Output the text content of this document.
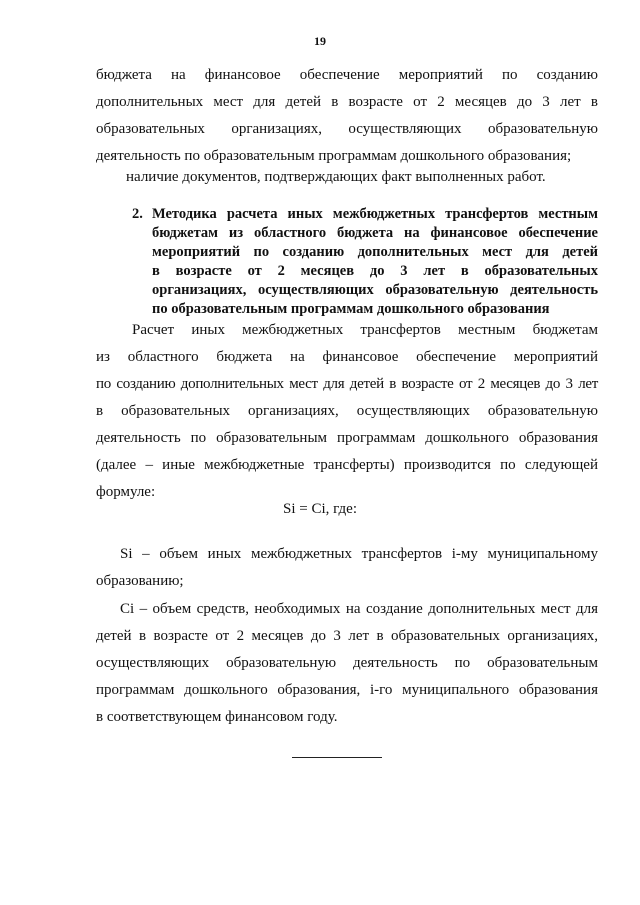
19
бюджета на финансовое обеспечение мероприятий по созданию
дополнительных мест для детей в возрасте от 2 месяцев до 3 лет в
образовательных организациях, осуществляющих образовательную
деятельность по образовательным программам дошкольного образования;
наличие документов, подтверждающих факт выполненных работ.
2. Методика расчета иных межбюджетных трансфертов местным
бюджетам из областного бюджета на финансовое обеспечение
мероприятий по созданию дополнительных мест для детей
в возрасте от 2 месяцев до 3 лет в образовательных
организациях, осуществляющих образовательную деятельность
по образовательным программам дошкольного образования
Расчет иных межбюджетных трансфертов местным бюджетам
из областного бюджета на финансовое обеспечение мероприятий
по созданию дополнительных мест для детей в возрасте от 2 месяцев до 3 лет
в образовательных организациях, осуществляющих образовательную
деятельность по образовательным программам дошкольного образования
(далее – иные межбюджетные трансферты) производится по следующей
формуле:
Si = Ci, где:
Si – объем иных межбюджетных трансфертов i-му муниципальному
образованию;
Ci – объем средств, необходимых на создание дополнительных мест для
детей в возрасте от 2 месяцев до 3 лет в образовательных организациях,
осуществляющих образовательную деятельность по образовательным
программам дошкольного образования, i-го муниципального образования
в соответствующем финансовом году.
